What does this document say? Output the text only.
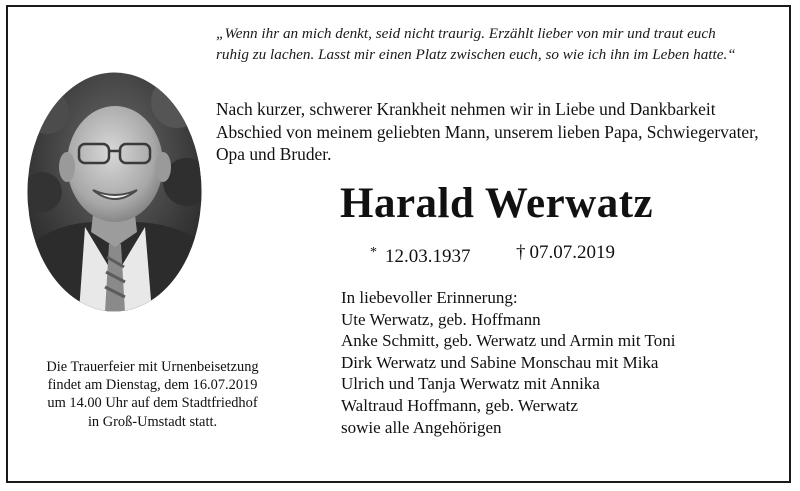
„Wenn ihr an mich denkt, seid nicht traurig. Erzählt lieber von mir und traut euch
ruhig zu lachen. Lasst mir einen Platz zwischen euch, so wie ich ihn im Leben hatte.“
Nach kurzer, schwerer Krankheit nehmen wir in Liebe und Dankbarkeit
Abschied von meinem geliebten Mann, unserem lieben Papa, Schwiegervater,
Opa und Bruder.
Harald Werwatz
* 12.03.1937 † 07.07.2019
In liebevoller Erinnerung:
Ute Werwatz, geb. Hoffmann
Anke Schmitt, geb. Werwatz und Armin mit Toni
Dirk Werwatz und Sabine Monschau mit Mika
Ulrich und Tanja Werwatz mit Annika
Waltraud Hoffmann, geb. Werwatz
sowie alle Angehörigen
Die Trauerfeier mit Urnenbeisetzung
findet am Dienstag, dem 16.07.2019
um 14.00 Uhr auf dem Stadtfriedhof
in Groß-Umstadt statt.
